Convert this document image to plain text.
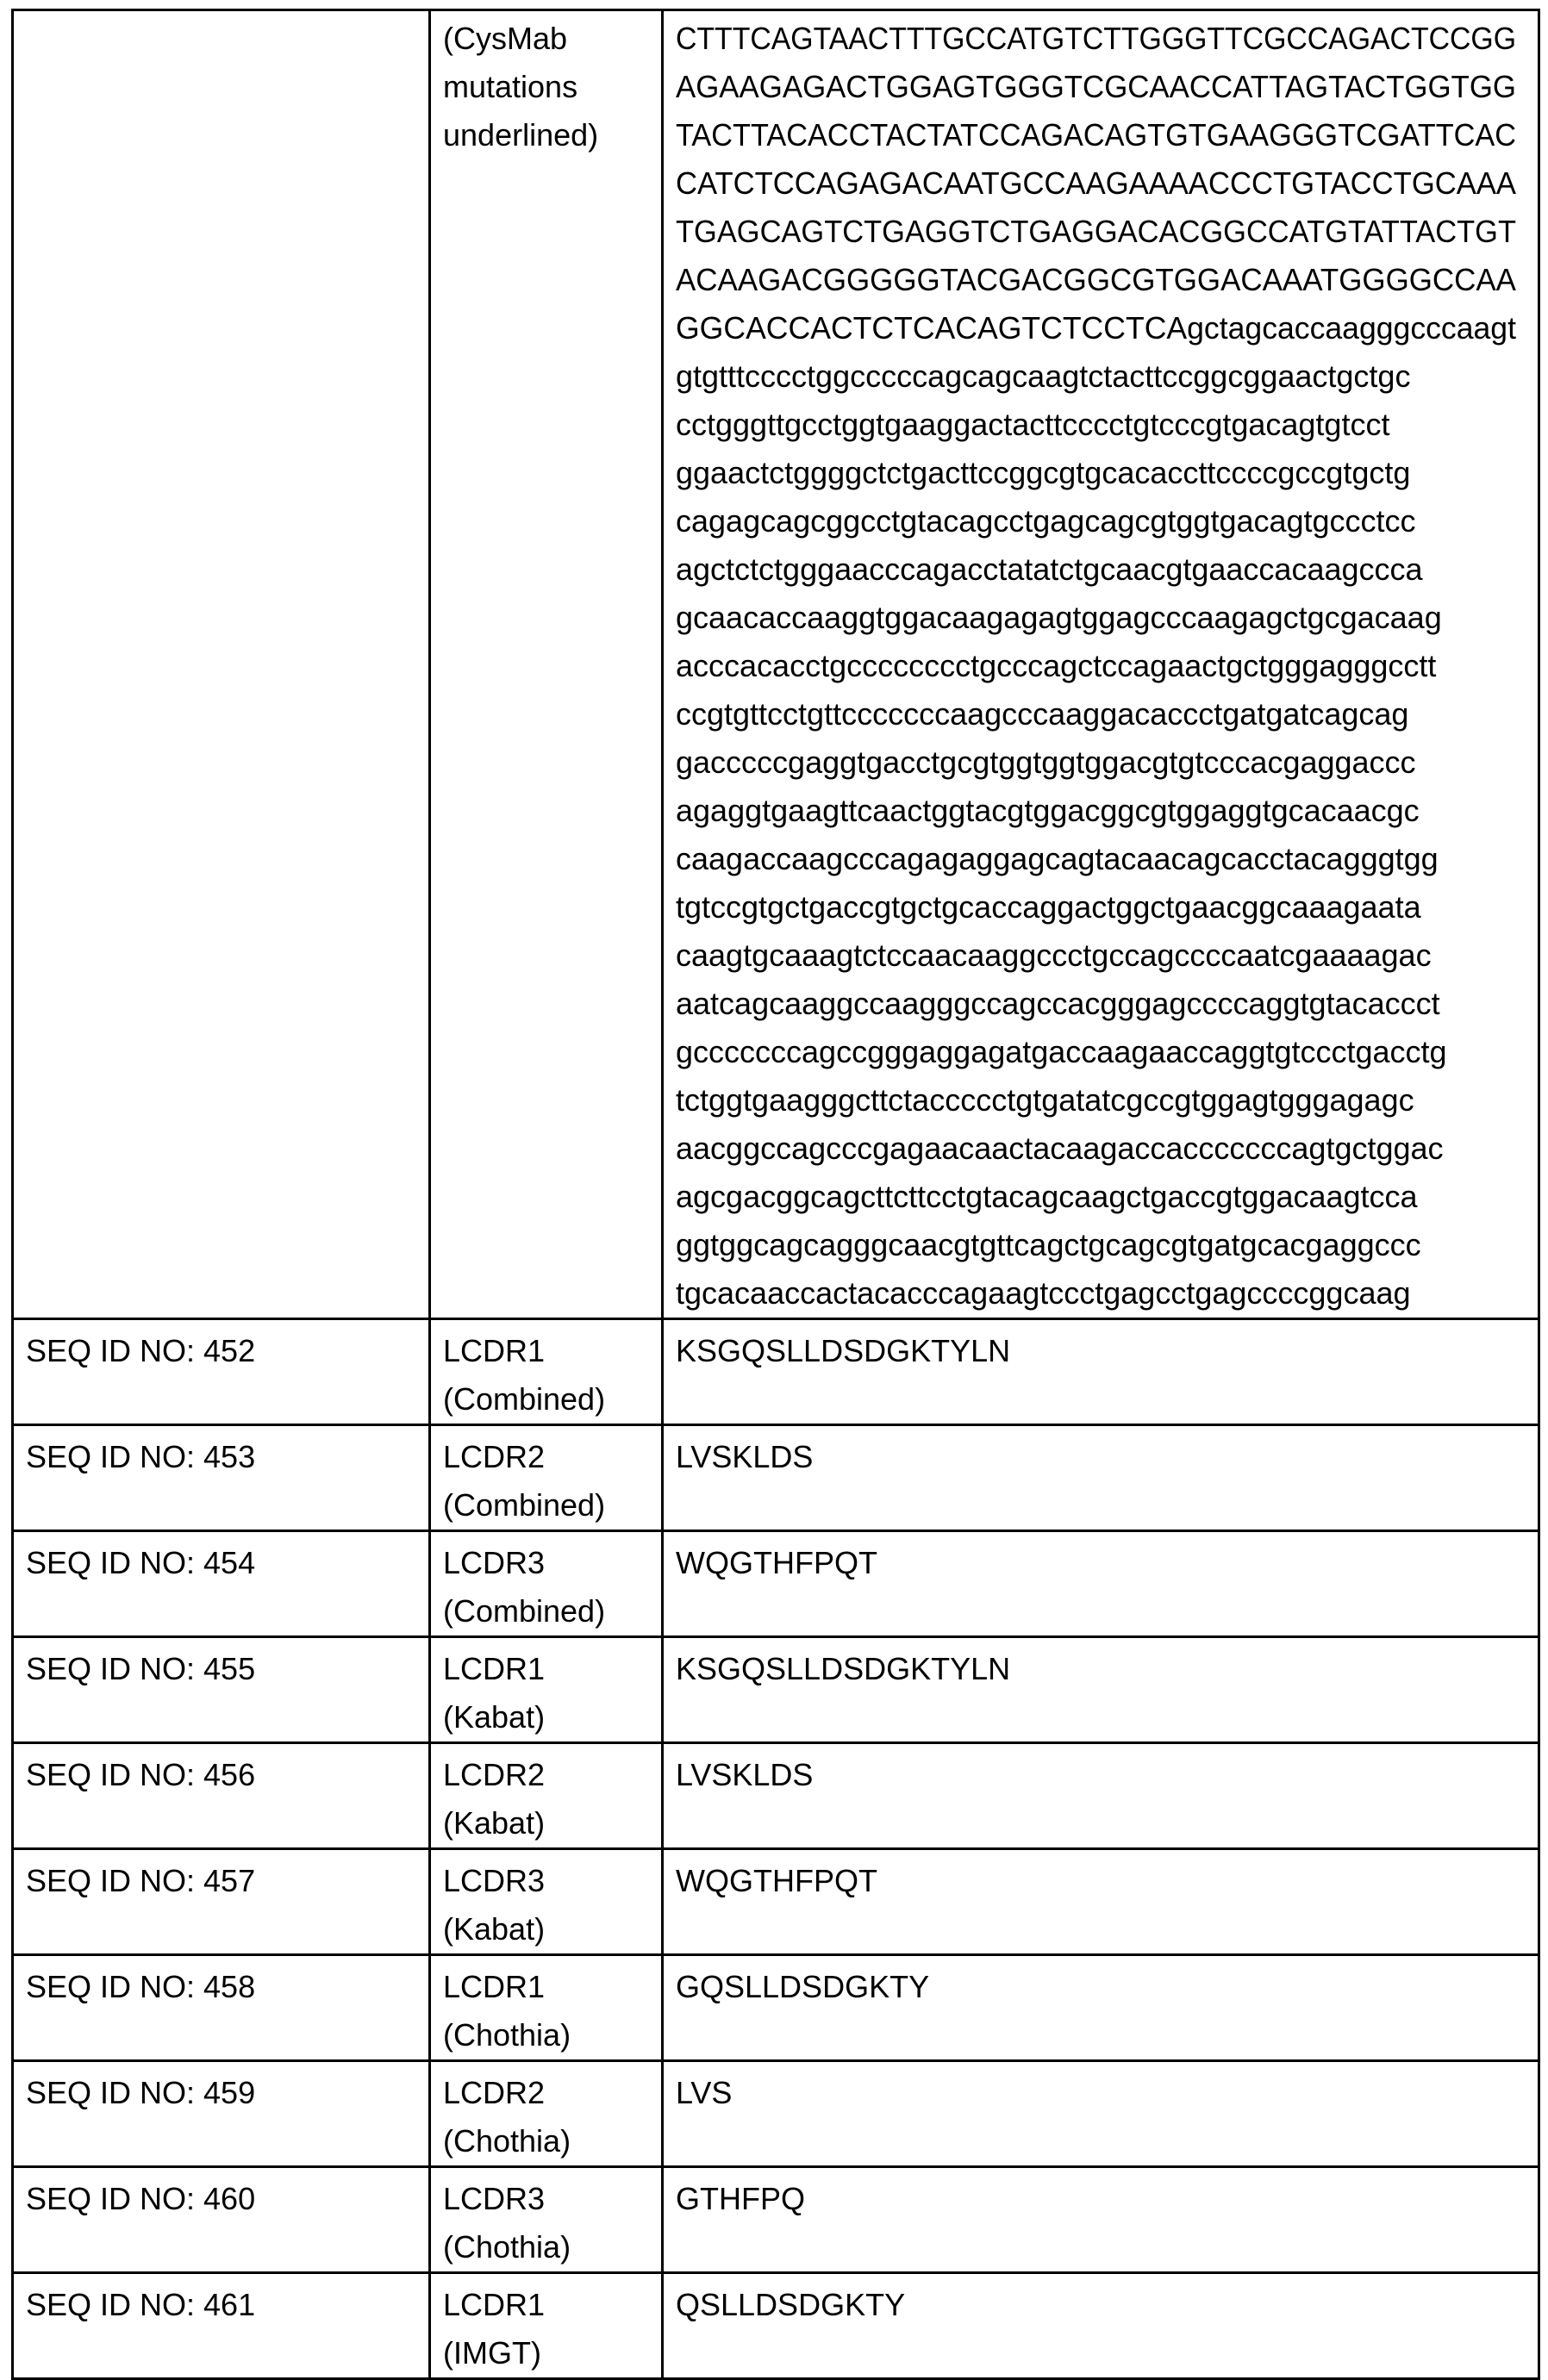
(CysMab
mutations
underlined)

CTTTCAGTAACTTTGCCATGTCTTGGGTTCGCCAGACTCCGG
AGAAGAGACTGGAGTGGGTCGCAACCATTAGTACTGGTGG
TACTTACACCTACTATCCAGACAGTGTGAAGGGTCGATTCAC
CATCTCCAGAGACAATGCCAAGAAAACCCTGTACCTGCAAA
TGAGCAGTCTGAGGTCTGAGGACACGGCCATGTATTACTGT
ACAAGACGGGGGTACGACGGCGTGGACAAATGGGGCCAA
GGCACCACTCTCACAGTCTCCTCAgctagcaccaagggcccaagt
gtgtttcccctggcccccagcagcaagtctacttccggcggaactgctgc
cctgggttgcctggtgaaggactacttcccctgtcccgtgacagtgtcct
ggaactctggggctctgacttccggcgtgcacaccttccccgccgtgctg
cagagcagcggcctgtacagcctgagcagcgtggtgacagtgccctcc
agctctctgggaacccagacctatatctgcaacgtgaaccacaagccca
gcaacaccaaggtggacaagagagtggagcccaagagctgcgacaag
acccacacctgcccccccctgcccagctccagaactgctgggagggcctt
ccgtgttcctgttcccccccaagcccaaggacaccctgatgatcagcag
gacccccgaggtgacctgcgtggtggtggacgtgtcccacgaggaccc
agaggtgaagttcaactggtacgtggacggcgtggaggtgcacaacgc
caagaccaagcccagagaggagcagtacaacagcacctacagggtgg
tgtccgtgctgaccgtgctgcaccaggactggctgaacggcaaagaata
caagtgcaaagtctccaacaaggccctgccagccccaatcgaaaagac
aatcagcaaggccaagggccagccacgggagccccaggtgtacaccct
gcccccccagccgggaggagatgaccaagaaccaggtgtccctgacctg
tctggtgaagggcttctaccccctgtgatatcgccgtggagtgggagagc
aacggccagcccgagaacaactacaagaccacccccccagtgctggac
agcgacggcagcttcttcctgtacagcaagctgaccgtggacaagtcca
ggtggcagcagggcaacgtgttcagctgcagcgtgatgcacgaggccc
tgcacaaccactacacccagaagtccctgagcctgagccccggcaag

SEQ ID NO: 452	LCDR1
(Combined)
	KSGQSLLDSDGKTYLN
SEQ ID NO: 453	LCDR2
(Combined)
	LVSKLDS
SEQ ID NO: 454	LCDR3
(Combined)
	WQGTHFPQT
SEQ ID NO: 455	LCDR1
(Kabat)
	KSGQSLLDSDGKTYLN
SEQ ID NO: 456	LCDR2
(Kabat)
	LVSKLDS
SEQ ID NO: 457	LCDR3
(Kabat)
	WQGTHFPQT
SEQ ID NO: 458	LCDR1
(Chothia)
	GQSLLDSDGKTY
SEQ ID NO: 459	LCDR2
(Chothia)
	LVS
SEQ ID NO: 460	LCDR3
(Chothia)
	GTHFPQ
SEQ ID NO: 461	LCDR1
(IMGT)
	QSLLDSDGKTY
